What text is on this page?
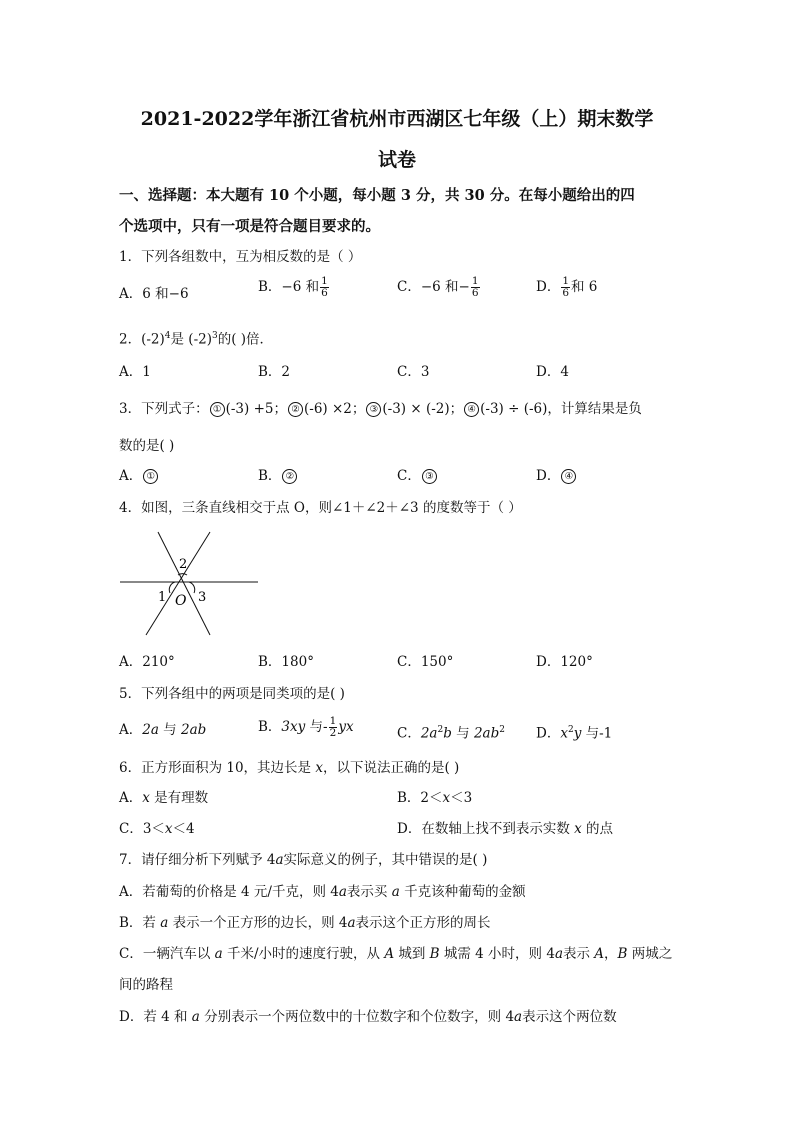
2021-2022学年浙江省杭州市西湖区七年级（上）期末数学
试卷
一、选择题：本大题有 10 个小题，每小题 3 分，共 30 分。在每小题给出的四
个选项中，只有一项是符合题目要求的。
1．下列各组数中，互为相反数的是（ ）
A．6 和−6	B．−6 和 $\frac{1}{6}$	C．−6 和− $\frac{1}{6}$	D． $\frac{1}{6}$ 和 6
2．$(-2)^4$是 $(-2)^3$的( )倍．
A．1	B．2	C．3	D．4
3．下列式子： ① (-3) +5； ② (-6) ×2； ③ (-3) × (-2)； ④ (-3) ÷ (-6)，计算结果是负
数的是( )
A． ①	B． ②	C． ③	D． ④
4．如图，三条直线相交于点 O，则∠1＋∠2＋∠3 的度数等于（ ）
2
1 3
O
A．210°	B．180°	C．150°	D．120°
5．下列各组中的两项是同类项的是( )
A．2a 与 2ab	B．3xy 与- $\frac{1}{2}$ yx	C．$2a^2b$ 与 $2ab^2$ D．$x^2y$ 与-1
6．正方形面积为 10，其边长是 x，以下说法正确的是( )
A．x 是有理数	B．2＜x＜3
C．3＜x＜4	D．在数轴上找不到表示实数 x 的点
7．请仔细分析下列赋予 4a实际意义的例子，其中错误的是( )
A．若葡萄的价格是 4 元/千克，则 4a表示买 a 千克该种葡萄的金额
B．若 a 表示一个正方形的边长，则 4a表示这个正方形的周长
C．一辆汽车以 a 千米/小时的速度行驶，从 A 城到 B 城需 4 小时，则 4a表示 A，B 两城之
间的路程
D．若 4 和 a 分别表示一个两位数中的十位数字和个位数字，则 4a表示这个两位数
